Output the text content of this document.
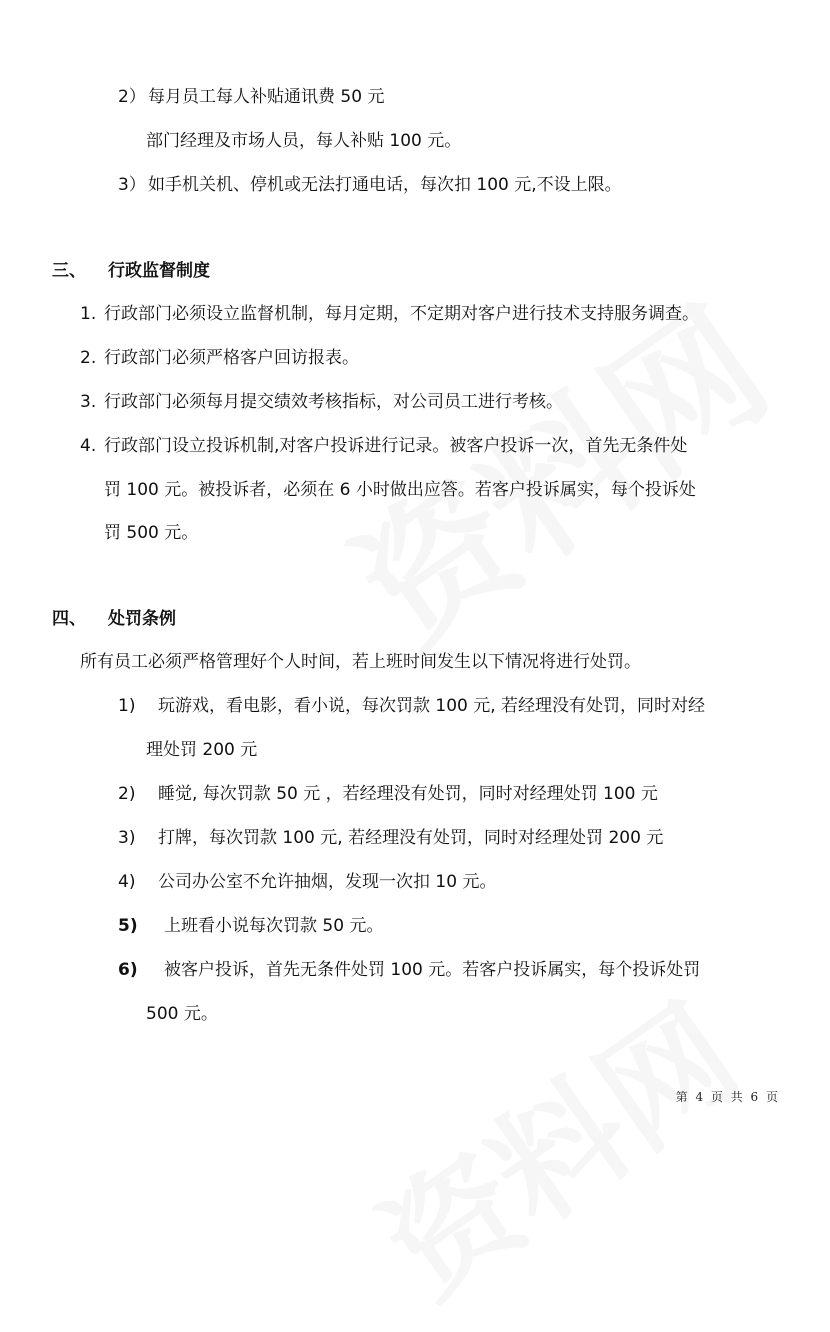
2） 每月员工每人补贴通讯费 50 元
部门经理及市场人员，每人补贴 100 元。
3） 如手机关机、停机或无法打通电话，每次扣 100 元,不设上限。
三、 行政监督制度
1. 行政部门必须设立监督机制，每月定期，不定期对客户进行技术支持服务调查。
2. 行政部门必须严格客户回访报表。
3. 行政部门必须每月提交绩效考核指标，对公司员工进行考核。
4. 行政部门设立投诉机制,对客户投诉进行记录。被客户投诉一次，首先无条件处
罚 100 元。被投诉者，必须在 6 小时做出应答。若客户投诉属实，每个投诉处
罚 500 元。
四、 处罚条例
所有员工必须严格管理好个人时间，若上班时间发生以下情况将进行处罚。
1) 玩游戏，看电影，看小说，每次罚款 100 元, 若经理没有处罚，同时对经
理处罚 200 元
2) 睡觉, 每次罚款 50 元 ，若经理没有处罚，同时对经理处罚 100 元
3) 打牌，每次罚款 100 元, 若经理没有处罚，同时对经理处罚 200 元
4) 公司办公室不允许抽烟，发现一次扣 10 元。
5) 上班看小说每次罚款 50 元。
6) 被客户投诉，首先无条件处罚 100 元。若客户投诉属实，每个投诉处罚
500 元。
第 4 页 共 6 页
